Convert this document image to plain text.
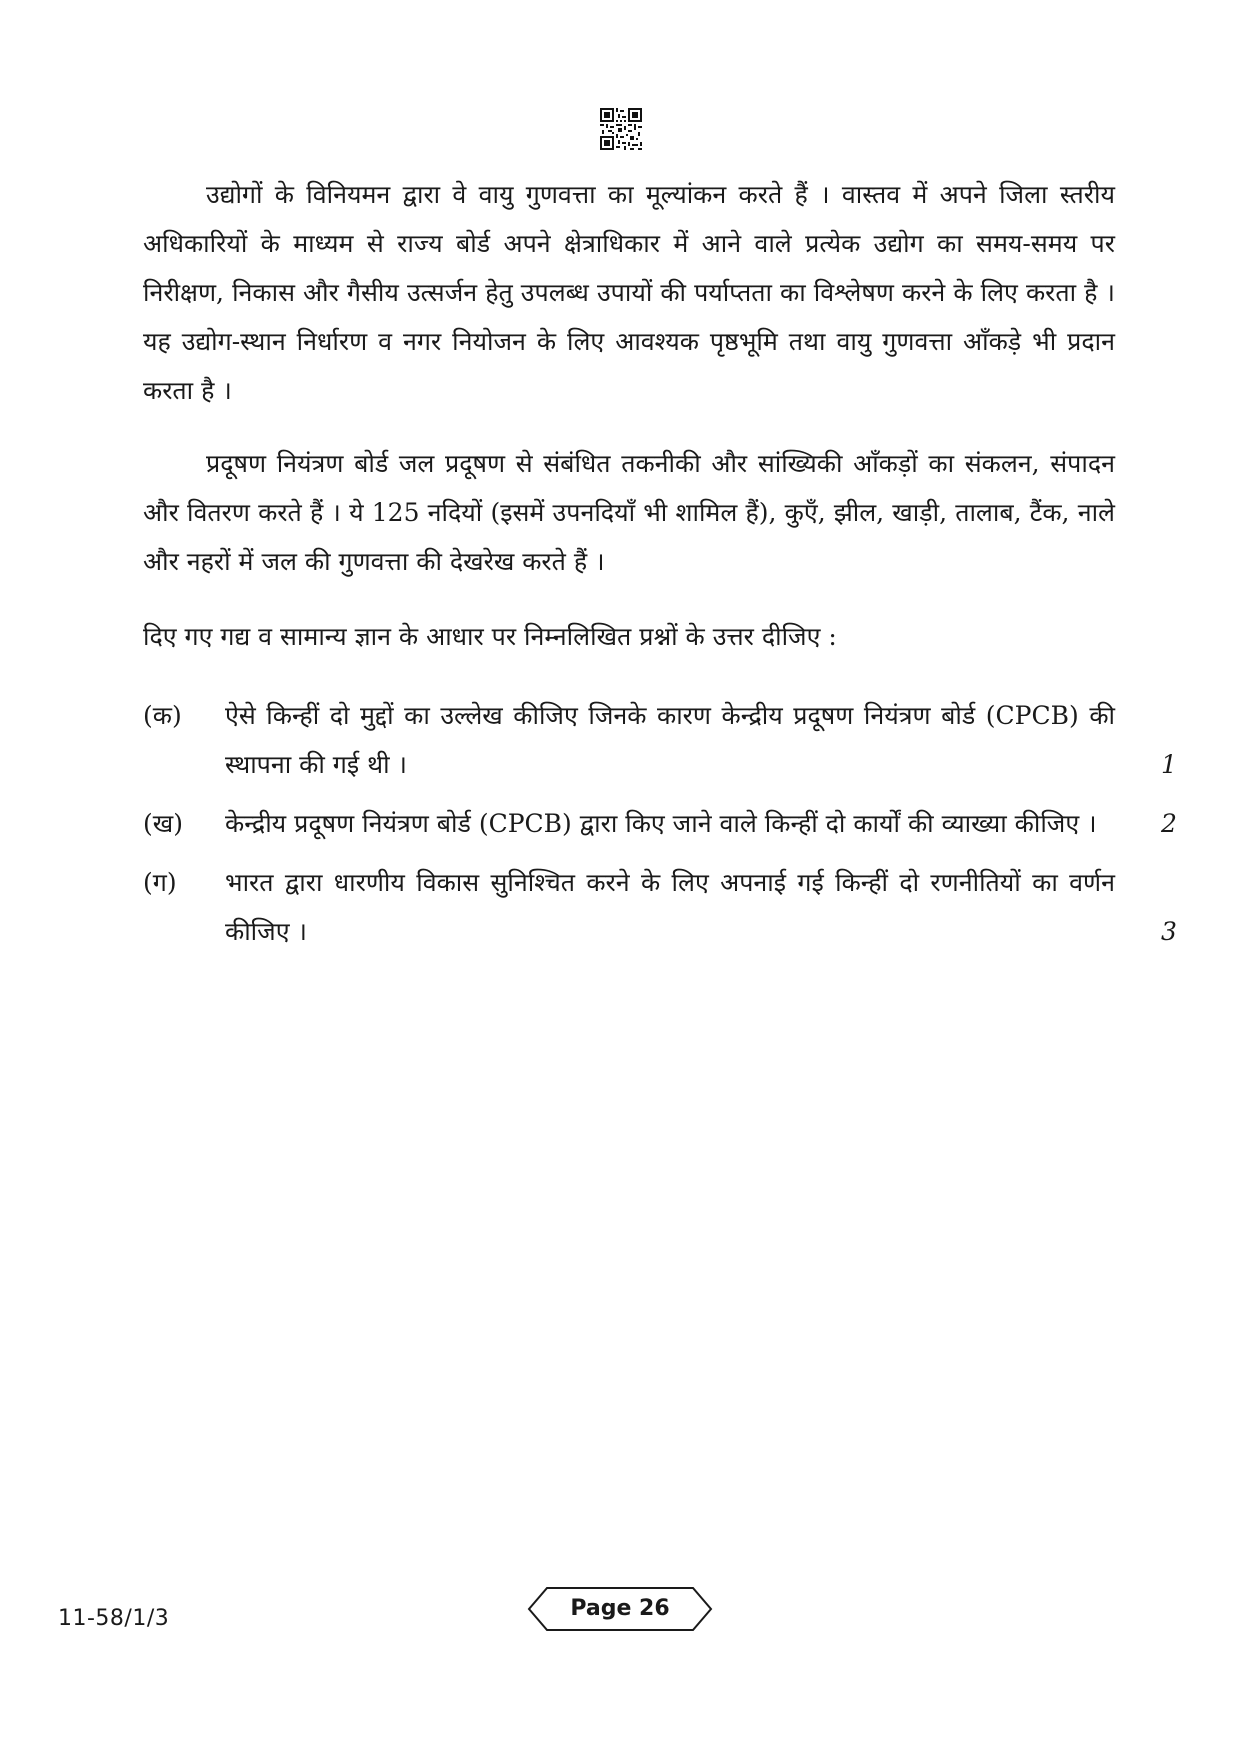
उद्योगों के विनियमन द्वारा वे वायु गुणवत्ता का मूल्यांकन करते हैं । वास्तव में अपने जिला स्तरीय अधिकारियों के माध्यम से राज्य बोर्ड अपने क्षेत्राधिकार में आने वाले प्रत्येक उद्योग का समय-समय पर निरीक्षण, निकास और गैसीय उत्सर्जन हेतु उपलब्ध उपायों की पर्याप्तता का विश्लेषण करने के लिए करता है । यह उद्योग-स्थान निर्धारण व नगर नियोजन के लिए आवश्यक पृष्ठभूमि तथा वायु गुणवत्ता आँकड़े भी प्रदान करता है ।

प्रदूषण नियंत्रण बोर्ड जल प्रदूषण से संबंधित तकनीकी और सांख्यिकी आँकड़ों का संकलन, संपादन और वितरण करते हैं । ये 125 नदियों (इसमें उपनदियाँ भी शामिल हैं), कुएँ, झील, खाड़ी, तालाब, टैंक, नाले और नहरों में जल की गुणवत्ता की देखरेख करते हैं ।

दिए गए गद्य व सामान्य ज्ञान के आधार पर निम्नलिखित प्रश्नों के उत्तर दीजिए :

(क)	ऐसे किन्हीं दो मुद्दों का उल्लेख कीजिए जिनके कारण केन्द्रीय प्रदूषण नियंत्रण बोर्ड (CPCB) की स्थापना की गई थी ।	1
(ख)	केन्द्रीय प्रदूषण नियंत्रण बोर्ड (CPCB) द्वारा किए जाने वाले किन्हीं दो कार्यों की व्याख्या कीजिए ।	2
(ग)	भारत द्वारा धारणीय विकास सुनिश्चित करने के लिए अपनाई गई किन्हीं दो रणनीतियों का वर्णन कीजिए ।	3
11-58/1/3	Page 26
